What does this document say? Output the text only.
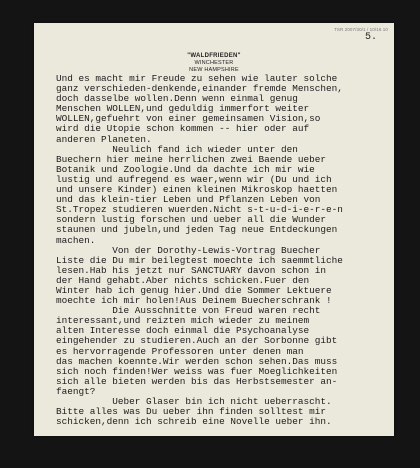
TSR 2007/30/1 / 10/16 10
5.
"WALDFRIEDEN"
WINCHESTER
NEW HAMPSHIRE
Und es macht mir Freude zu sehen wie lauter solche
ganz verschieden-denkende,einander fremde Menschen,
doch dasselbe wollen.Denn wenn einmal genug
Menschen WOLLEN,und geduldig immerfort weiter
WOLLEN,gefuehrt von einer gemeinsamen Vision,so
wird die Utopie schon kommen -- hier oder auf
anderen Planeten.
Neulich fand ich wieder unter den
Buechern hier meine herrlichen zwei Baende ueber
Botanik und Zoologie.Und da dachte ich mir wie
lustig und aufregend es waer,wenn wir (Du und ich
und unsere Kinder) einen kleinen Mikroskop haetten
und das klein-tier Leben und Pflanzen Leben von
St.Tropez studieren wuerden.Nicht s-t-u-d-i-e-r-e-n
sondern lustig forschen und ueber all die Wunder
staunen und jubeln,und jeden Tag neue Entdeckungen
machen.
Von der Dorothy-Lewis-Vortrag Buecher
Liste die Du mir beilegtest moechte ich saemmtliche
lesen.Hab his jetzt nur SANCTUARY davon schon in
der Hand gehabt.Aber nichts schicken.Fuer den
Winter hab ich genug hier.Und die Sommer Lektuere
moechte ich mir holen!Aus Deinem Buecherschrank !
Die Ausschnitte von Freud waren recht
interessant,und reizten mich wieder zu meinem
alten Interesse doch einmal die Psychoanalyse
eingehender zu studieren.Auch an der Sorbonne gibt
es hervorragende Professoren unter denen man
das machen koennte.Wir werden schon sehen.Das muss
sich noch finden!Wer weiss was fuer Moeglichkeiten
sich alle bieten werden bis das Herbstsemester an-
faengt?
Ueber Glaser bin ich nicht ueberrascht.
Bitte alles was Du ueber ihn finden solltest mir
schicken,denn ich schreib eine Novelle ueber ihn.
